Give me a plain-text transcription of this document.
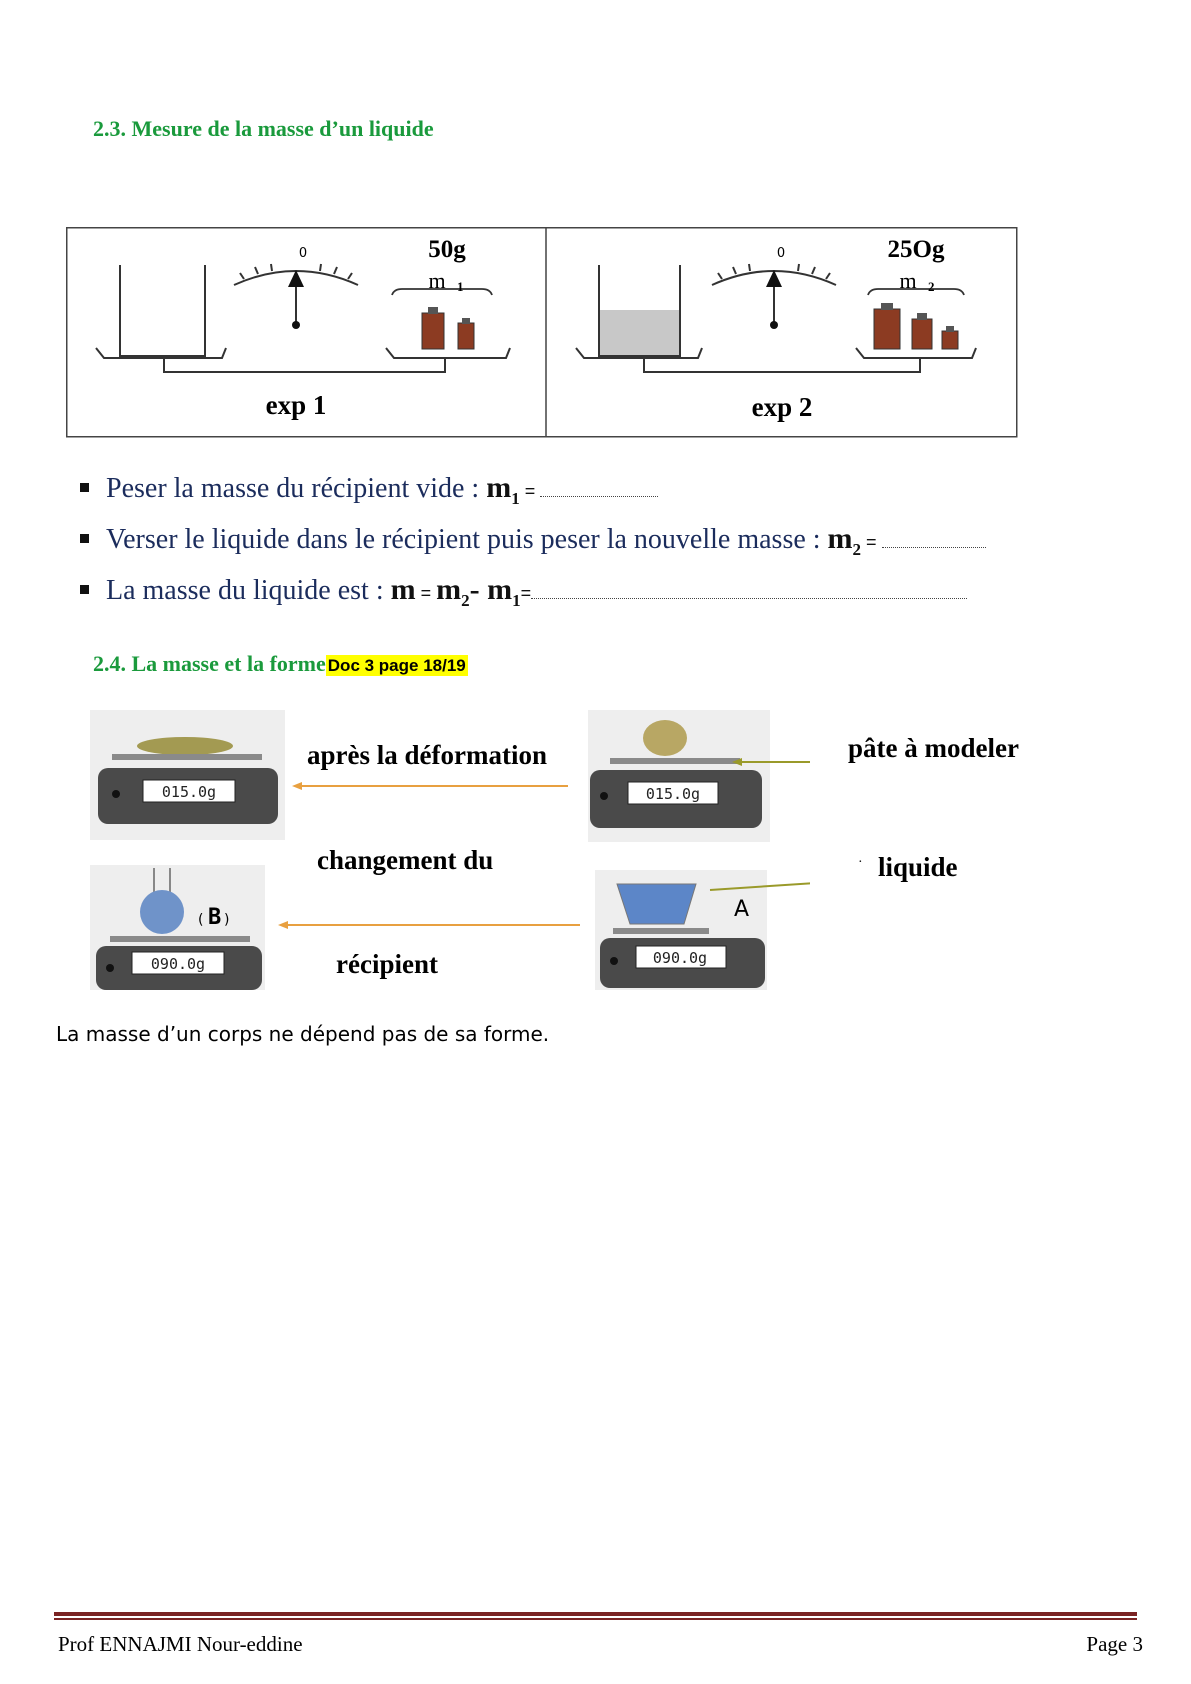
2.3. Mesure de la masse d’un liquide
0	50g
m 1
exp 1
0	25Og
m 2
exp 2
Peser la masse du récipient vide : $m_1$ =
Verser le liquide dans le récipient puis peser la nouvelle masse : $m_2$ =
La masse du liquide est : $m = m_2-$ $m_1=$
2.4. La masse et la forme Doc 3 page 18/19
015.0g	015.0g
090.0g
( B )
090.0g
A
après la déformation	pâte à modeler
changement du	· liquide
récipient
La masse d’un corps ne dépend pas de sa forme.
Prof ENNAJMI Nour-eddine	Page 3
